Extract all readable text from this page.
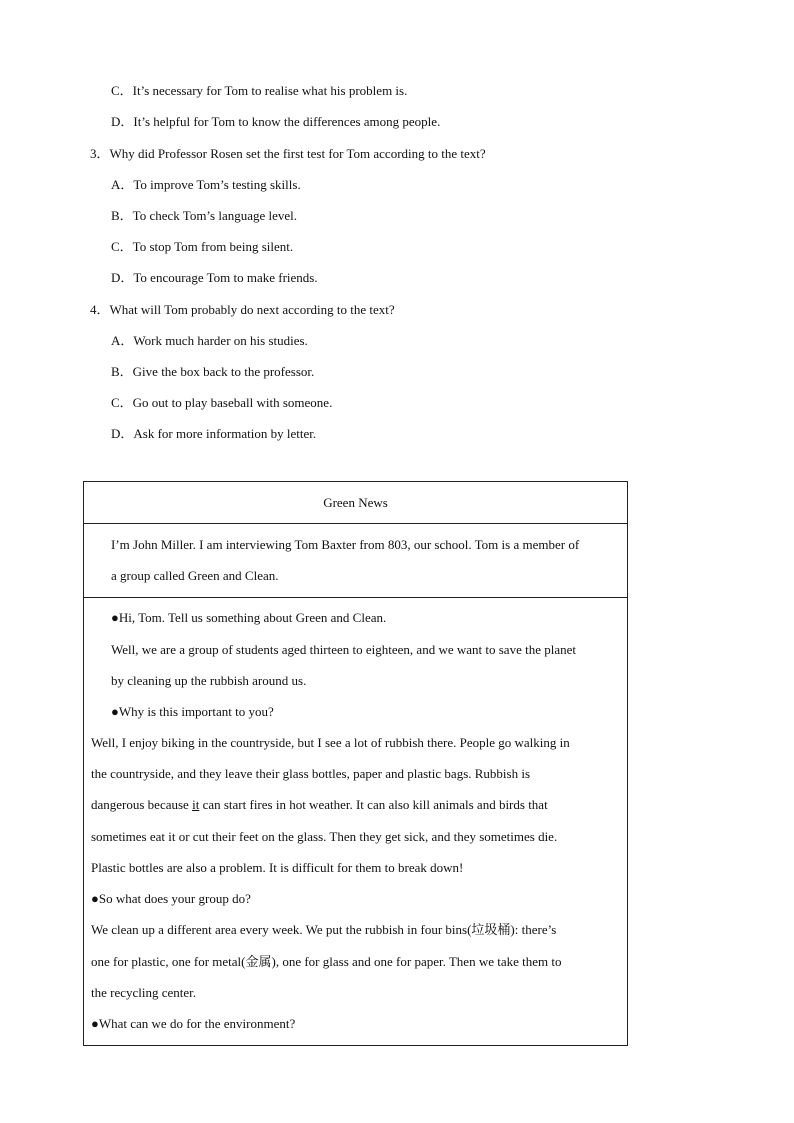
C．It’s necessary for Tom to realise what his problem is.
D．It’s helpful for Tom to know the differences among people.
3．Why did Professor Rosen set the first test for Tom according to the text?
A．To improve Tom’s testing skills.
B．To check Tom’s language level.
C．To stop Tom from being silent.
D．To encourage Tom to make friends.
4．What will Tom probably do next according to the text?
A．Work much harder on his studies.
B．Give the box back to the professor.
C．Go out to play baseball with someone.
D．Ask for more information by letter.
Green News
I’m John Miller. I am interviewing Tom Baxter from 803, our school. Tom is a member of
a group called Green and Clean.
●Hi, Tom. Tell us something about Green and Clean.
Well, we are a group of students aged thirteen to eighteen, and we want to save the planet
by cleaning up the rubbish around us.
●Why is this important to you?
Well, I enjoy biking in the countryside, but I see a lot of rubbish there. People go walking in
the countryside, and they leave their glass bottles, paper and plastic bags. Rubbish is
dangerous because it can start fires in hot weather. It can also kill animals and birds that
sometimes eat it or cut their feet on the glass. Then they get sick, and they sometimes die.
Plastic bottles are also a problem. It is difficult for them to break down!
●So what does your group do?
We clean up a different area every week. We put the rubbish in four bins(垃圾桶): there’s
one for plastic, one for metal(金属), one for glass and one for paper. Then we take them to
the recycling center.
●What can we do for the environment?
